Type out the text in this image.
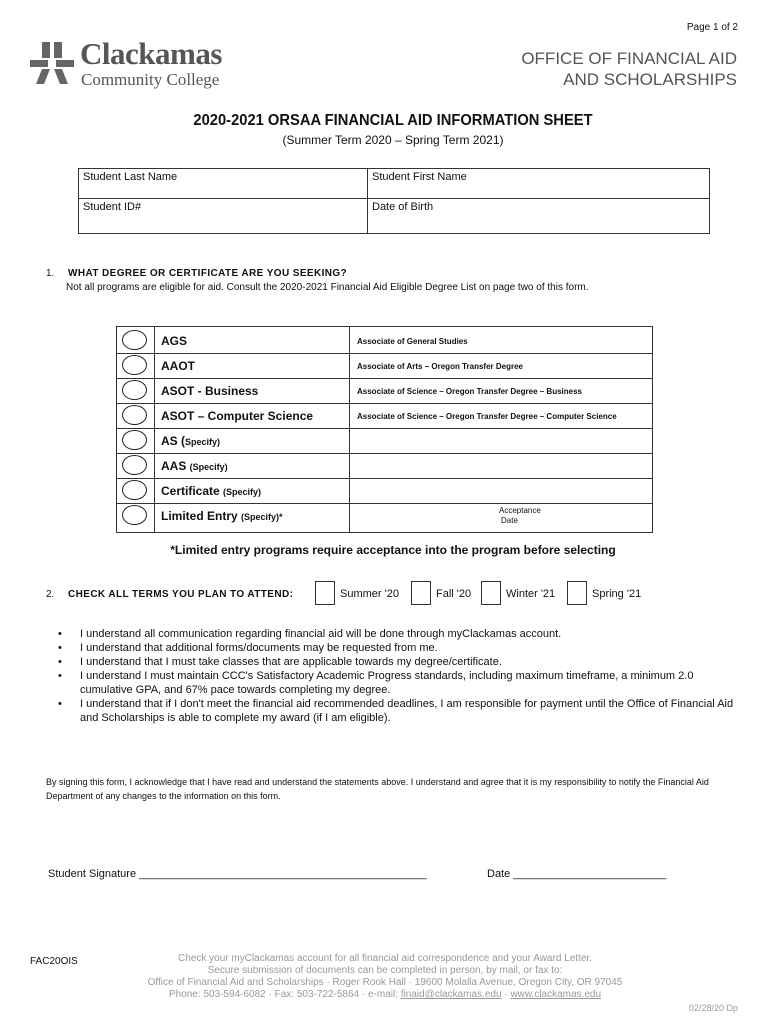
Page 1 of 2
Clackamas
Community College
OFFICE OF FINANCIAL AID
AND SCHOLARSHIPS
2020-2021 ORSAA FINANCIAL AID INFORMATION SHEET
(Summer Term 2020 – Spring Term 2021)
Student Last Name	Student First Name
Student ID#	Date of Birth
1. WHAT DEGREE OR CERTIFICATE ARE YOU SEEKING?
Not all programs are eligible for aid. Consult the 2020-2021 Financial Aid Eligible Degree List on page two of this form.
AGS	Associate of General Studies
AAOT	Associate of Arts – Oregon Transfer Degree
ASOT - Business	Associate of Science – Oregon Transfer Degree – Business
ASOT – Computer Science	Associate of Science – Oregon Transfer Degree – Computer Science
AS (Specify)
AAS (Specify)
Certificate (Specify)
Limited Entry (Specify)*
Acceptance
Date
*Limited entry programs require acceptance into the program before selecting
2. CHECK ALL TERMS YOU PLAN TO ATTEND:	Summer '20	Fall '20	Winter '21	Spring '21
• I understand all communication regarding financial aid will be done through myClackamas account.
• I understand that additional forms/documents may be requested from me.
• I understand that I must take classes that are applicable towards my degree/certificate.
• I understand I must maintain CCC's Satisfactory Academic Progress standards, including maximum timeframe, a minimum 2.0 cumulative GPA, and 67% pace towards completing my degree.
• I understand that if I don't meet the financial aid recommended deadlines, I am responsible for payment until the Office of Financial Aid and Scholarships is able to complete my award (if I am eligible).
By signing this form, I acknowledge that I have read and understand the statements above. I understand and agree that it is my responsibility to notify the Financial Aid Department of any changes to the information on this form.
Student Signature _______________________________________________	Date _________________________
FAC20OIS	Check your myClackamas account for all financial aid correspondence and your Award Letter.
Secure submission of documents can be completed in person, by mail, or fax to:
Office of Financial Aid and Scholarships · Roger Rook Hall · 19600 Molalla Avenue, Oregon City, OR 97045
Phone: 503-594-6082 · Fax: 503-722-5864 · e-mail: finaid@clackamas.edu · www.clackamas.edu
02/28/20 Dp
